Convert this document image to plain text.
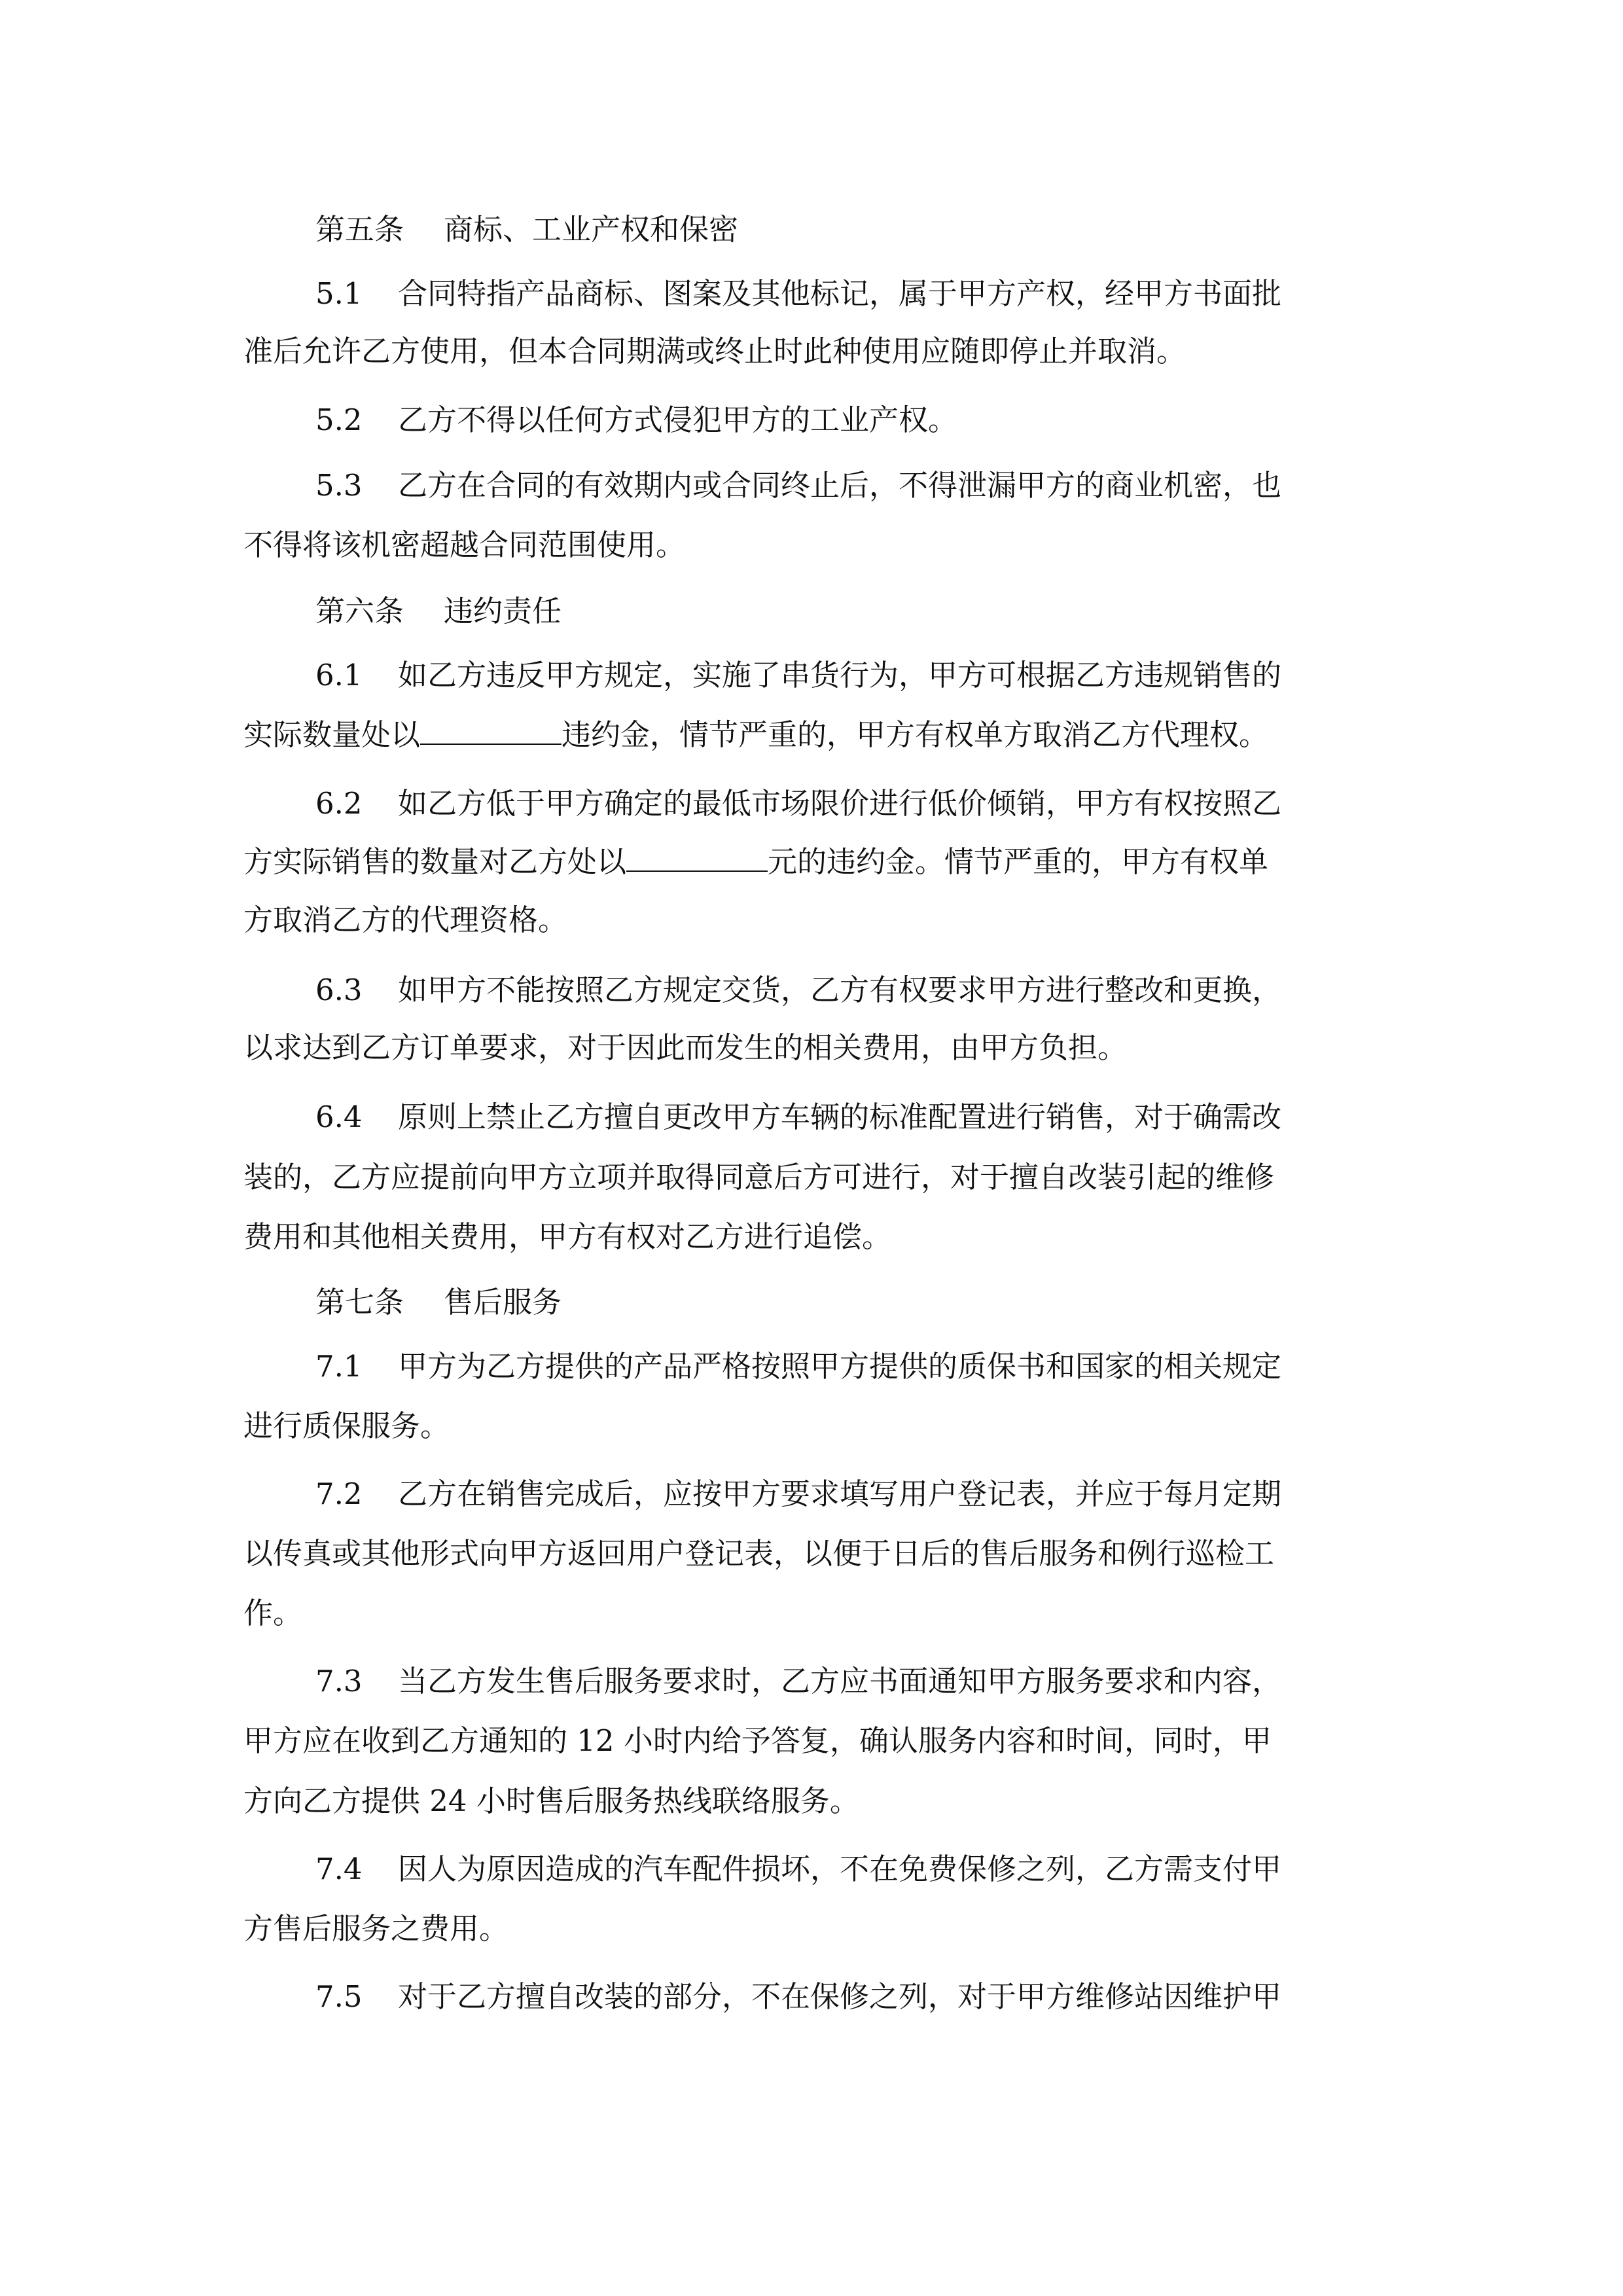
第五条 商标、工业产权和保密
5.1 合同特指产品商标、图案及其他标记，属于甲方产权，经甲方书面批
准后允许乙方使用，但本合同期满或终止时此种使用应随即停止并取消。
5.2 乙方不得以任何方式侵犯甲方的工业产权。
5.3 乙方在合同的有效期内或合同终止后，不得泄漏甲方的商业机密，也
不得将该机密超越合同范围使用。
第六条 违约责任
6.1 如乙方违反甲方规定，实施了串货行为，甲方可根据乙方违规销售的
实际数量处以	违约金，情节严重的，甲方有权单方取消乙方代理权。
6.2 如乙方低于甲方确定的最低市场限价进行低价倾销，甲方有权按照乙
方实际销售的数量对乙方处以	元的违约金。情节严重的，甲方有权单
方取消乙方的代理资格。
6.3 如甲方不能按照乙方规定交货，乙方有权要求甲方进行整改和更换，
以求达到乙方订单要求，对于因此而发生的相关费用，由甲方负担。
6.4 原则上禁止乙方擅自更改甲方车辆的标准配置进行销售，对于确需改
装的，乙方应提前向甲方立项并取得同意后方可进行，对于擅自改装引起的维修
费用和其他相关费用，甲方有权对乙方进行追偿。
第七条 售后服务
7.1 甲方为乙方提供的产品严格按照甲方提供的质保书和国家的相关规定
进行质保服务。
7.2 乙方在销售完成后，应按甲方要求填写用户登记表，并应于每月定期
以传真或其他形式向甲方返回用户登记表，以便于日后的售后服务和例行巡检工
作。
7.3 当乙方发生售后服务要求时，乙方应书面通知甲方服务要求和内容，
甲方应在收到乙方通知的 12 小时内给予答复，确认服务内容和时间，同时，甲
方向乙方提供 24 小时售后服务热线联络服务。
7.4 因人为原因造成的汽车配件损坏，不在免费保修之列，乙方需支付甲
方售后服务之费用。
7.5 对于乙方擅自改装的部分，不在保修之列，对于甲方维修站因维护甲
